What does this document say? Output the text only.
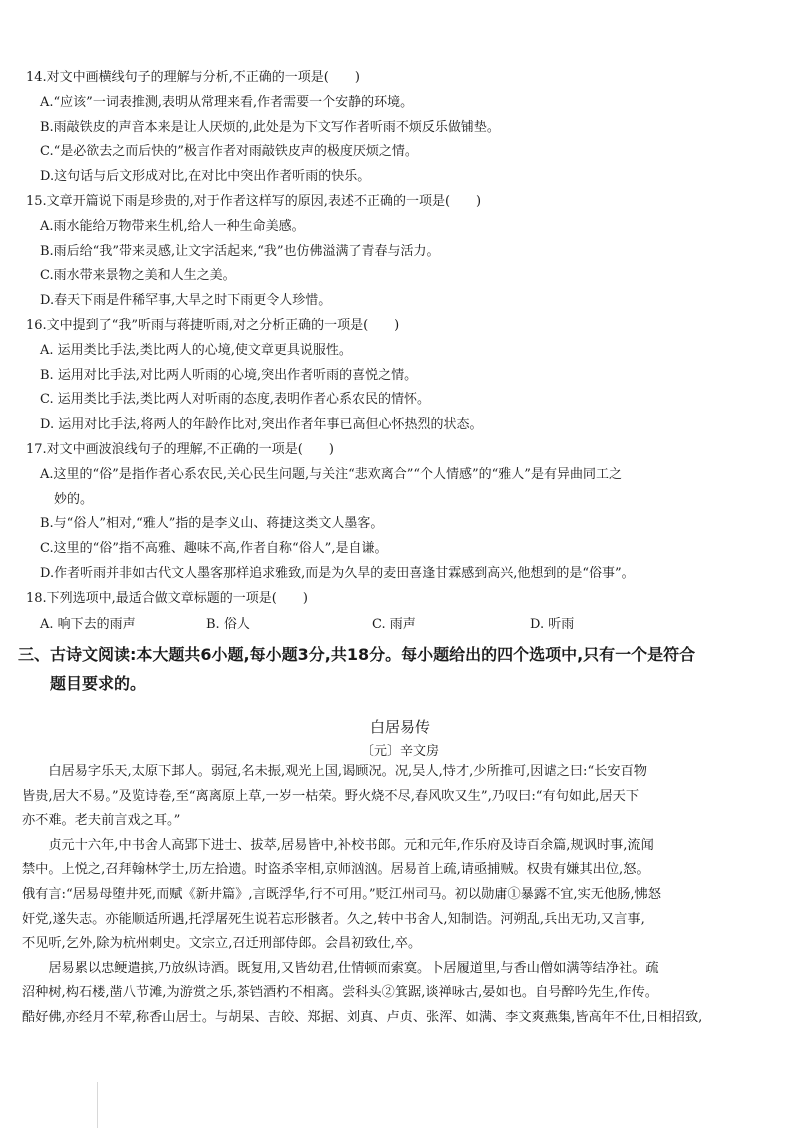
14.对文中画横线句子的理解与分析,不正确的一项是(　　)
A.“应该”一词表推测,表明从常理来看,作者需要一个安静的环境。
B.雨敲铁皮的声音本来是让人厌烦的,此处是为下文写作者听雨不烦反乐做铺垫。
C.“是必欲去之而后快的”极言作者对雨敲铁皮声的极度厌烦之情。
D.这句话与后文形成对比,在对比中突出作者听雨的快乐。
15.文章开篇说下雨是珍贵的,对于作者这样写的原因,表述不正确的一项是(　　)
A.雨水能给万物带来生机,给人一种生命美感。
B.雨后给“我”带来灵感,让文字活起来,“我”也仿佛溢满了青春与活力。
C.雨水带来景物之美和人生之美。
D.春天下雨是件稀罕事,大旱之时下雨更令人珍惜。
16.文中提到了“我”听雨与蒋捷听雨,对之分析正确的一项是(　　)
A. 运用类比手法,类比两人的心境,使文章更具说服性。
B. 运用对比手法,对比两人听雨的心境,突出作者听雨的喜悦之情。
C. 运用类比手法,类比两人对听雨的态度,表明作者心系农民的情怀。
D. 运用对比手法,将两人的年龄作比对,突出作者年事已高但心怀热烈的状态。
17.对文中画波浪线句子的理解,不正确的一项是(　　)
A.这里的“俗”是指作者心系农民,关心民生问题,与关注“悲欢离合”“个人情感”的“雅人”是有异曲同工之
妙的。
B.与“俗人”相对,“雅人”指的是李义山、蒋捷这类文人墨客。
C.这里的“俗”指不高雅、趣味不高,作者自称“俗人”,是自谦。
D.作者听雨并非如古代文人墨客那样追求雅致,而是为久旱的麦田喜逢甘霖感到高兴,他想到的是“俗事”。
18.下列选项中,最适合做文章标题的一项是(　　)
A. 响下去的雨声	B. 俗人	C. 雨声	D. 听雨
三、古诗文阅读:本大题共6小题,每小题3分,共18分。每小题给出的四个选项中,只有一个是符合
题目要求的。
白居易传
〔元〕辛文房
　　白居易字乐天,太原下邽人。弱冠,名未振,观光上国,谒顾况。况,吴人,恃才,少所推可,因谑之曰:“长安百物
皆贵,居大不易。”及览诗卷,至“离离原上草,一岁一枯荣。野火烧不尽,春风吹又生”,乃叹曰:“有句如此,居天下
亦不难。老夫前言戏之耳。”
　　贞元十六年,中书舍人高郢下进士、拔萃,居易皆中,补校书郎。元和元年,作乐府及诗百余篇,规讽时事,流闻
禁中。上悦之,召拜翰林学士,历左拾遗。时盗杀宰相,京师汹汹。居易首上疏,请亟捕贼。权贵有嫌其出位,怒。
俄有言:“居易母堕井死,而赋《新井篇》,言既浮华,行不可用。”贬江州司马。初以勋庸①暴露不宜,实无他肠,怫怒
奸党,遂失志。亦能顺适所遇,托浮屠死生说若忘形骸者。久之,转中书舍人,知制诰。河朔乱,兵出无功,又言事,
不见听,乞外,除为杭州刺史。文宗立,召迁刑部侍郎。会昌初致仕,卒。
　　居易累以忠鲠遣摈,乃放纵诗酒。既复用,又皆幼君,仕情顿而索寞。卜居履道里,与香山僧如满等结净社。疏
沼种树,构石楼,凿八节滩,为游赏之乐,茶铛酒杓不相离。尝科头②箕踞,谈禅咏古,晏如也。自号醉吟先生,作传。
酷好佛,亦经月不荤,称香山居士。与胡杲、吉皎、郑据、刘真、卢贞、张浑、如满、李文爽燕集,皆高年不仕,日相招致,
